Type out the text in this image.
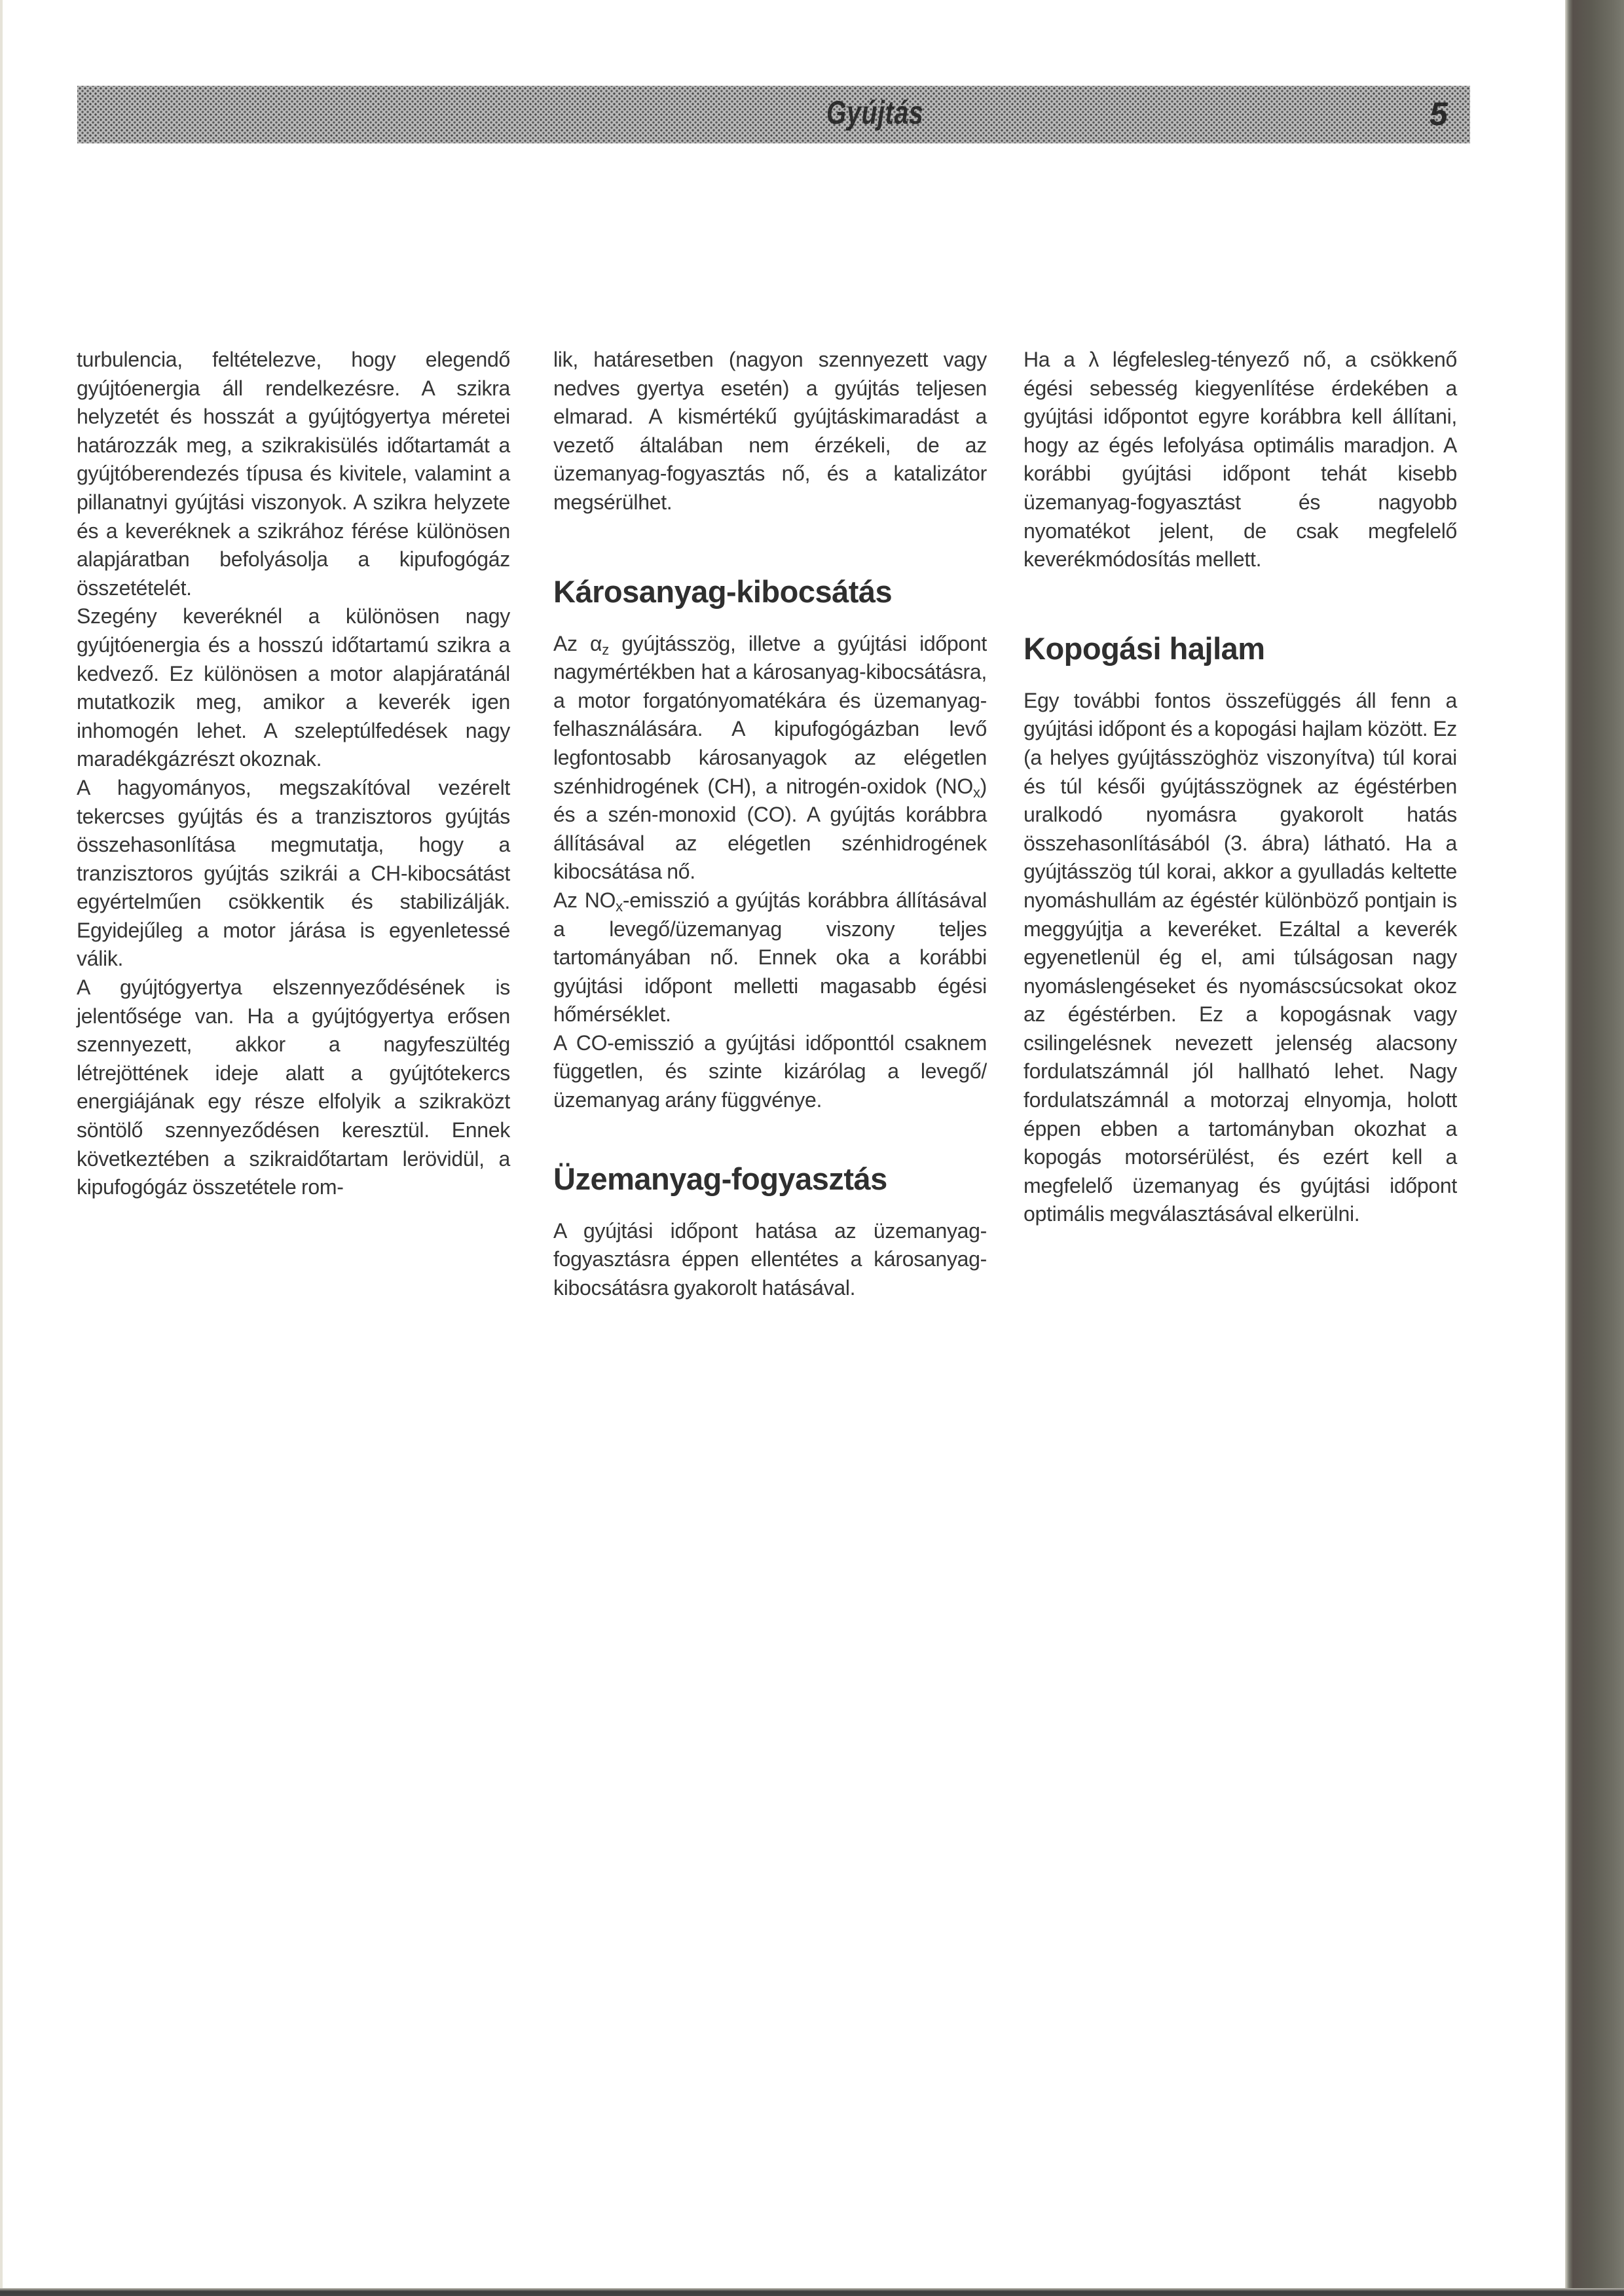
Gyújtás	5

turbulencia, feltételezve, hogy elegendő gyújtóenergia áll rendelkezésre. A szikra helyzetét és hosszát a gyújtógyertya méretei határozzák meg, a szikrakisülés időtartamát a gyújtóberendezés típusa és kivitele, valamint a pillanatnyi gyújtási viszonyok. A szikra helyzete és a keveréknek a szikrához férése különösen alapjáratban befolyásolja a kipufogógáz összetételét.

Szegény keveréknél a különösen nagy gyújtóenergia és a hosszú időtartamú szikra a kedvező. Ez különösen a motor alapjáratánál mutatkozik meg, amikor a keverék igen inhomogén lehet. A szeleptúlfedések nagy maradékgázrészt okoznak.

A hagyományos, megszakítóval vezérelt tekercses gyújtás és a tranzisztoros gyújtás összehasonlítása megmutatja, hogy a tranzisztoros gyújtás szikrái a CH-kibocsátást egyértelműen csökkentik és stabilizálják. Egyidejűleg a motor járása is egyenletessé válik.

A gyújtógyertya elszennyeződésének is jelentősége van. Ha a gyújtógyertya erősen szennyezett, akkor a nagyfeszültég létrejöttének ideje alatt a gyújtótekercs energiájának egy része elfolyik a szikraközt söntölő szennyeződésen keresztül. Ennek következtében a szikraidőtartam lerövidül, a kipufogógáz összetétele rom-

lik, határesetben (nagyon szennyezett vagy nedves gyertya esetén) a gyújtás teljesen elmarad. A kismértékű gyújtáskimaradást a vezető általában nem érzékeli, de az üzemanyag-fogyasztás nő, és a katalizátor megsérülhet.

Károsanyag-kibocsátás

Az $\alpha_z$ gyújtásszög, illetve a gyújtási időpont nagymértékben hat a károsanyag-kibocsátásra, a motor forgatónyomatékára és üzemanyag-felhasználására. A kipufogógázban levő legfontosabb károsanyagok az elégetlen szénhidrogének (CH), a nitrogén-oxidok $(NO_x)$ és a szén-monoxid (CO). A gyújtás korábbra állításával az elégetlen szénhidrogének kibocsátása nő.

Az $NO_x$-emisszió a gyújtás korábbra állításával a levegő/üzemanyag viszony teljes tartományában nő. Ennek oka a korábbi gyújtási időpont melletti magasabb égési hőmérséklet.

A CO-emisszió a gyújtási időponttól csaknem független, és szinte kizárólag a levegő/üzemanyag arány függvénye.

Üzemanyag-fogyasztás

A gyújtási időpont hatása az üzemanyag-fogyasztásra éppen ellentétes a károsanyag-kibocsátásra gyakorolt hatásával.

Ha a λ légfelesleg-tényező nő, a csökkenő égési sebesség kiegyenlítése érdekében a gyújtási időpontot egyre korábbra kell állítani, hogy az égés lefolyása optimális maradjon. A korábbi gyújtási időpont tehát kisebb üzemanyag-fogyasztást és nagyobb nyomatékot jelent, de csak megfelelő keverékmódosítás mellett.

Kopogási hajlam

Egy további fontos összefüggés áll fenn a gyújtási időpont és a kopogási hajlam között. Ez (a helyes gyújtásszöghöz viszonyítva) túl korai és túl késői gyújtásszögnek az égéstérben uralkodó nyomásra gyakorolt hatás összehasonlításából (3. ábra) látható. Ha a gyújtásszög túl korai, akkor a gyulladás keltette nyomáshullám az égéstér különböző pontjain is meggyújtja a keveréket. Ezáltal a keverék egyenetlenül ég el, ami túlságosan nagy nyomáslengéseket és nyomáscsúcsokat okoz az égéstérben. Ez a kopogásnak vagy csilingelésnek nevezett jelenség alacsony fordulatszámnál jól hallható lehet. Nagy fordulatszámnál a motorzaj elnyomja, holott éppen ebben a tartományban okozhat a kopogás motorsérülést, és ezért kell a megfelelő üzemanyag és gyújtási időpont optimális megválasztásával elkerülni.
